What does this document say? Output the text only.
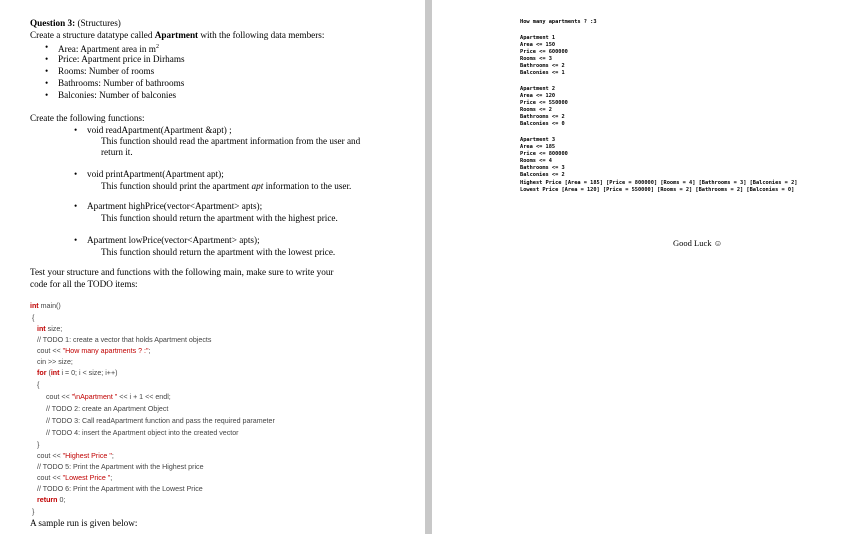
Question 3: (Structures)
Create a structure datatype called Apartment with the following data members:
• Area: Apartment area in $m^2$
• Price: Apartment price in Dirhams
• Rooms: Number of rooms
• Bathrooms: Number of bathrooms
• Balconies: Number of balconies
Create the following functions:
• void readApartment(Apartment &apt) ;
This function should read the apartment information from the user and
return it.
• void printApartment(Apartment apt);
This function should print the apartment apt information to the user.
• Apartment highPrice(vector<Apartment> apts);
This function should return the apartment with the highest price.
• Apartment lowPrice(vector<Apartment> apts);
This function should return the apartment with the lowest price.
Test your structure and functions with the following main, make sure to write your
code for all the TODO items:
int main()
{
int size;
// TODO 1: create a vector that holds Apartment objects
cout << "How many apartments ? :";
cin >> size;
for (int i = 0; i < size; i++)
{
cout << "\nApartment " << i + 1 << endl;
// TODO 2: create an Apartment Object
// TODO 3: Call readApartment function and pass the required parameter
// TODO 4: insert the Apartment object into the created vector
}
cout << "Highest Price ";
// TODO 5: Print the Apartment with the Highest price
cout << "Lowest Price ";
// TODO 6: Print the Apartment with the Lowest Price
return 0;
}
A sample run is given below:
How many apartments ? :3
Apartment 1
Area <= 150
Price <= 600000
Rooms <= 3
Bathrooms <= 2
Balconies <= 1
Apartment 2
Area <= 120
Price <= 550000
Rooms <= 2
Bathrooms <= 2
Balconies <= 0
Apartment 3
Area <= 185
Price <= 800000
Rooms <= 4
Bathrooms <= 3
Balconies <= 2
Highest Price [Area = 185] [Price = 800000] [Rooms = 4] [Bathrooms = 3] [Balconies = 2]
Lowest Price [Area = 120] [Price = 550000] [Rooms = 2] [Bathrooms = 2] [Balconies = 0]
Good Luck ☺
